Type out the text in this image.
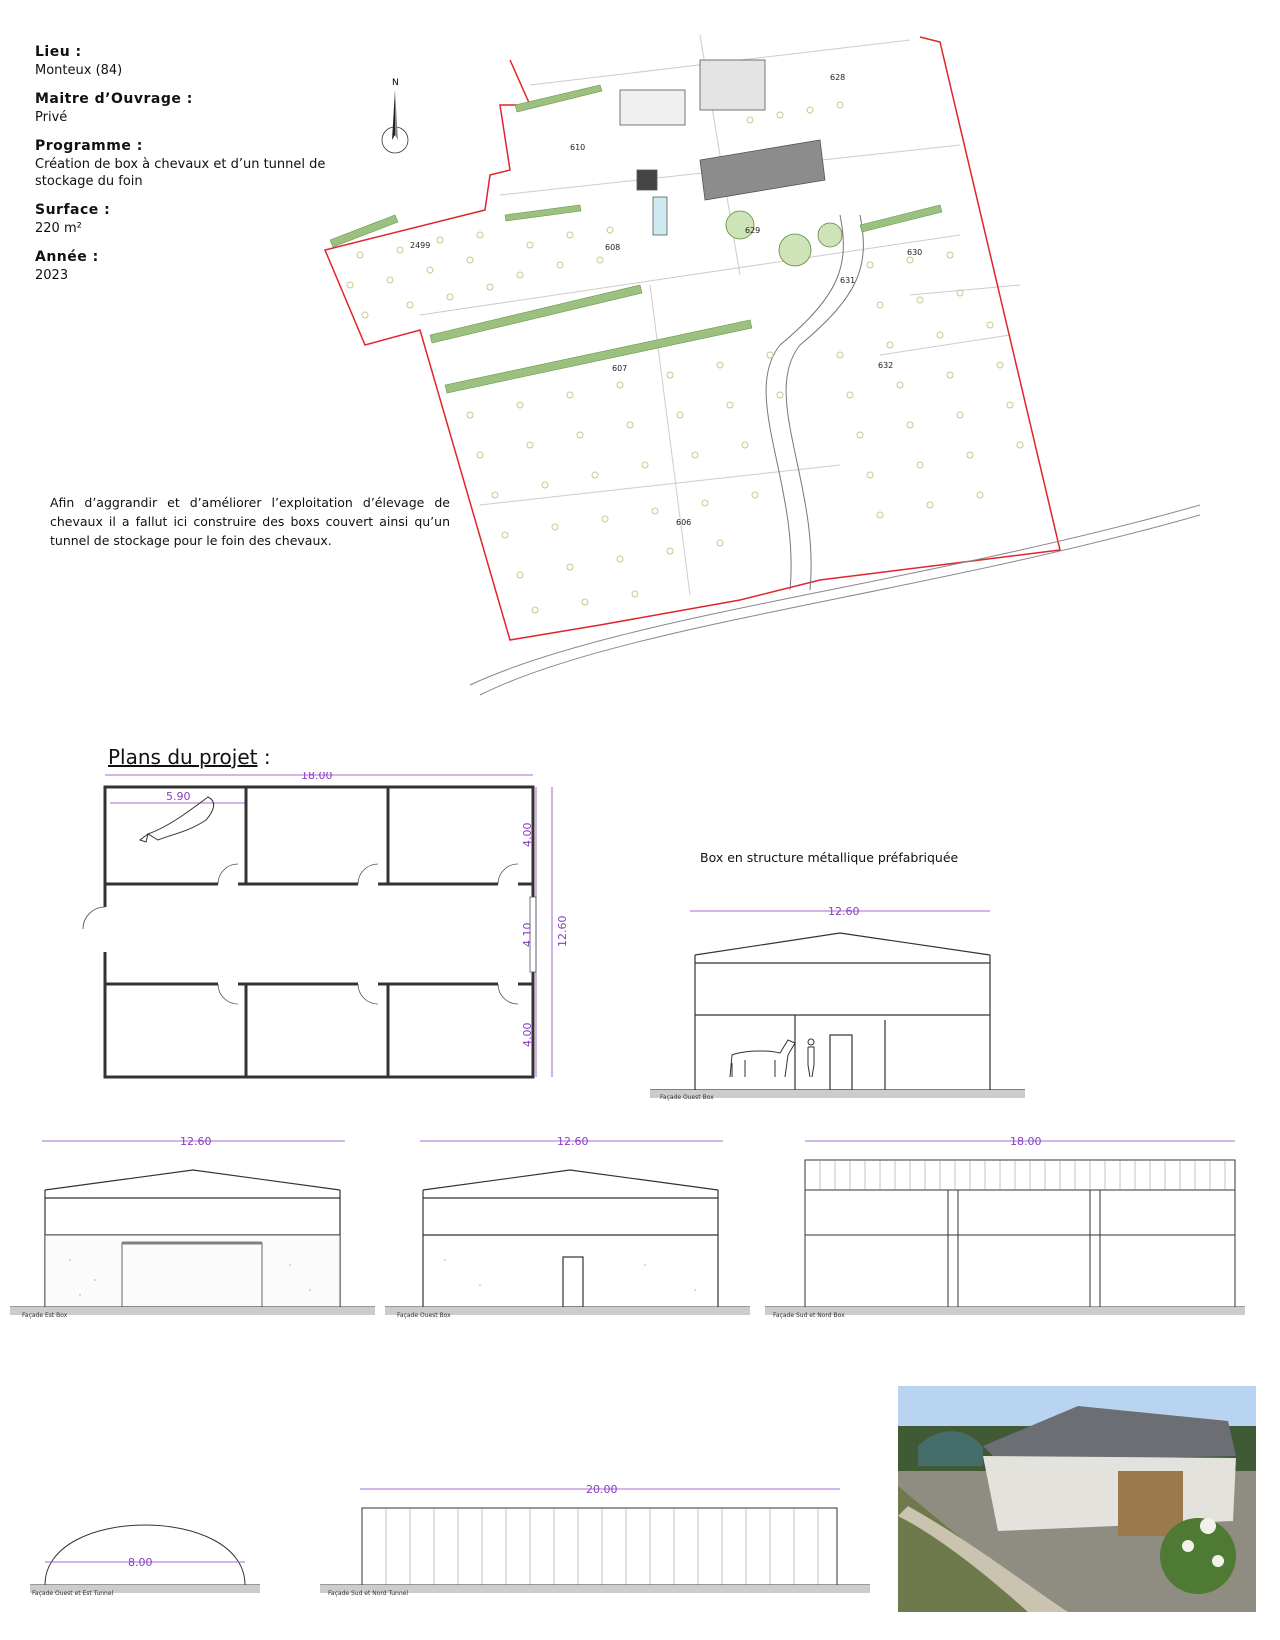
Lieu :
Monteux (84)
Maitre d’Ouvrage :
Privé
Programme :
Création de box à chevaux et d’un tunnel de stockage du foin
Surface :
220 m²
Année :
2023
Afin d’aggrandir et d’améliorer l’exploitation d’élevage de chevaux il a fallut ici construire des boxs couvert ainsi qu’un tunnel de stockage pour le foin des chevaux.
628
610
2499	608
629
630
631
632
607
606
N
Plans du projet :
18.00
5.90
12.60
4.00
4.10
4.00
Box en structure métallique préfabriquée
12.60
Façade Ouest Box
12.60
Façade Est Box
12.60
Façade Ouest Box
18.00
Façade Sud et Nord Box
8.00
Façade Ouest et Est Tunnel
20.00
Façade Sud et Nord Tunnel
